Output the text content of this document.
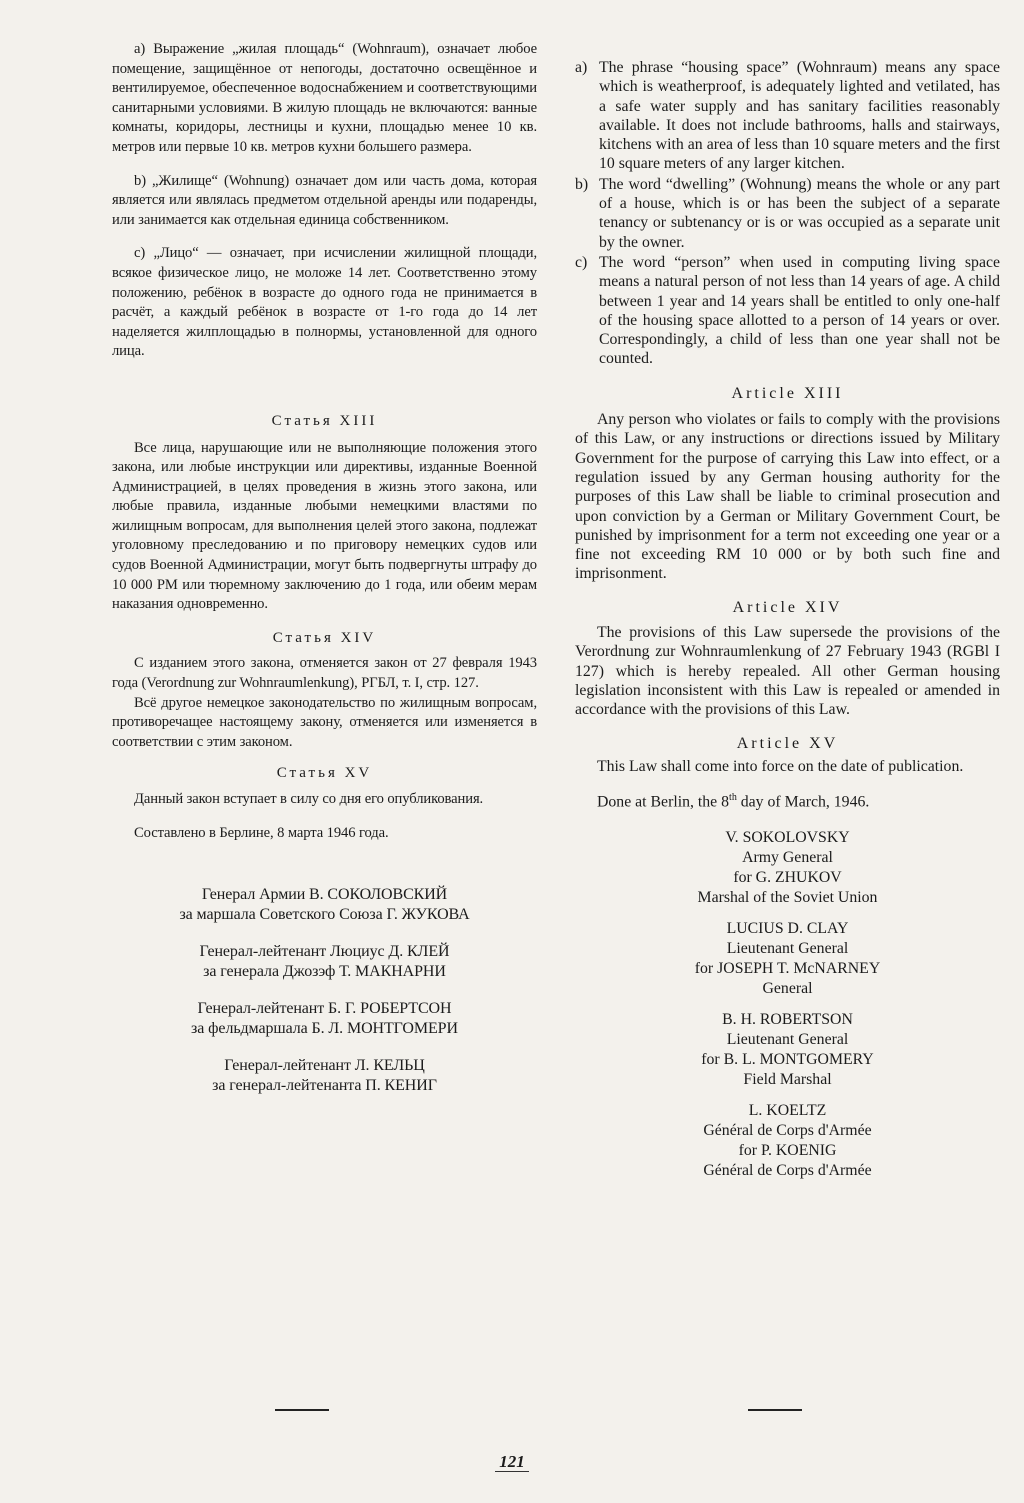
а) Выражение „жилая площадь“ (Wohnraum), означает любое помещение, защищённое от непогоды, достаточно освещённое и вентилируемое, обеспеченное водоснабжением и соответствующими санитарными условиями. В жилую площадь не включаются: ванные комнаты, коридоры, лестницы и кухни, площадью менее 10 кв. метров или первые 10 кв. метров кухни большего размера.

b) „Жилище“ (Wohnung) означает дом или часть дома, которая является или являлась предметом отдельной аренды или подаренды, или занимается как отдельная единица собственником.

c) „Лицо“ — означает, при исчислении жилищной площади, всякое физическое лицо, не моложе 14 лет. Соответственно этому положению, ребёнок в возрасте до одного года не принимается в расчёт, а каждый ребёнок в возрасте от 1-го года до 14 лет наделяется жилплощадью в полнормы, установленной для одного лица.

Статья XIII

Все лица, нарушающие или не выполняющие положения этого закона, или любые инструкции или директивы, изданные Военной Администрацией, в целях проведения в жизнь этого закона, или любые правила, изданные любыми немецкими властями по жилищным вопросам, для выполнения целей этого закона, подлежат уголовному преследованию и по приговору немецких судов или судов Военной Администрации, могут быть подвергнуты штрафу до 10 000 РМ или тюремному заключению до 1 года, или обеим мерам наказания одновременно.

Статья XIV

С изданием этого закона, отменяется закон от 27 февраля 1943 года (Verordnung zur Wohnraumlenkung), РГБЛ, т. I, стр. 127.

Всё другое немецкое законодательство по жилищным вопросам, противоречащее настоящему закону, отменяется или изменяется в соответствии с этим законом.

Статья XV

Данный закон вступает в силу со дня его опубликования.

Составлено в Берлине, 8 марта 1946 года.

Генерал Армии В. СОКОЛОВСКИЙ
за маршала Советского Союза Г. ЖУКОВА
Генерал-лейтенант Люциус Д. КЛЕЙ
за генерала Джозэф Т. МАКНАРНИ
Генерал-лейтенант Б. Г. РОБЕРТСОН
за фельдмаршала Б. Л. МОНТГОМЕРИ
Генерал-лейтенант Л. КЕЛЬЦ
за генерал-лейтенанта П. КЕНИГ
a) The phrase “housing space” (Wohnraum) means any space which is weatherproof, is adequately lighted and vetilated, has a safe water supply and has sanitary facilities reasonably available. It does not include bathrooms, halls and stairways, kitchens with an area of less than 10 square meters and the first 10 square meters of any larger kitchen.
b) The word “dwelling” (Wohnung) means the whole or any part of a house, which is or has been the subject of a separate tenancy or subtenancy or is or was occupied as a separate unit by the owner.
c) The word “person” when used in computing living space means a natural person of not less than 14 years of age. A child between 1 year and 14 years shall be entitled to only one-half of the housing space allotted to a person of 14 years or over. Correspondingly, a child of less than one year shall not be counted.

Article XIII

Any person who violates or fails to comply with the provisions of this Law, or any instructions or directions issued by Military Government for the purpose of carrying this Law into effect, or a regulation issued by any German housing authority for the purposes of this Law shall be liable to criminal prosecution and upon conviction by a German or Military Government Court, be punished by imprisonment for a term not exceeding one year or a fine not exceeding RM 10 000 or by both such fine and imprisonment.

Article XIV

The provisions of this Law supersede the provisions of the Verordnung zur Wohnraumlenkung of 27 February 1943 (RGBl I 127) which is hereby repealed. All other German housing legislation inconsistent with this Law is repealed or amended in accordance with the provisions of this Law.

Article XV

This Law shall come into force on the date of publication.

Done at Berlin, the 8th day of March, 1946.

V. SOKOLOVSKY
Army General
for G. ZHUKOV
Marshal of the Soviet Union
LUCIUS D. CLAY
Lieutenant General
for JOSEPH T. McNARNEY
General
B. H. ROBERTSON
Lieutenant General
for B. L. MONTGOMERY
Field Marshal
L. KOELTZ
Général de Corps d'Armée
for P. KOENIG
Général de Corps d'Armée
121
